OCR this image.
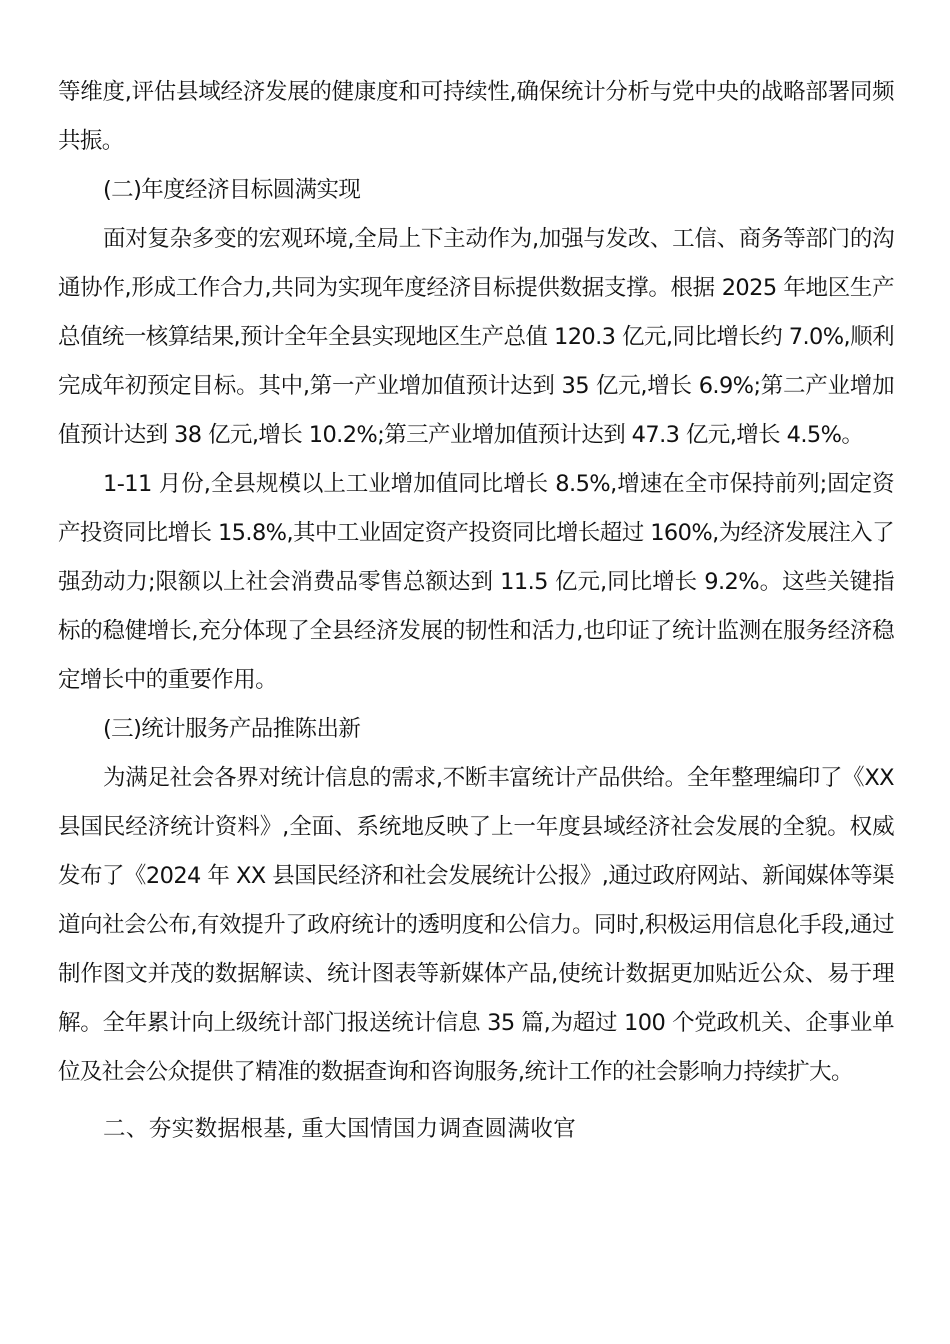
等维度,评估县域经济发展的健康度和可持续性,确保统计分析与党中央的战略部署同频共振。

(二)年度经济目标圆满实现

面对复杂多变的宏观环境,全局上下主动作为,加强与发改、工信、商务等部门的沟通协作,形成工作合力,共同为实现年度经济目标提供数据支撑。根据 2025 年地区生产总值统一核算结果,预计全年全县实现地区生产总值 120.3 亿元,同比增长约 7.0%,顺利完成年初预定目标。其中,第一产业增加值预计达到 35 亿元,增长 6.9%;第二产业增加值预计达到 38 亿元,增长 10.2%;第三产业增加值预计达到 47.3 亿元,增长 4.5%。

1-11 月份,全县规模以上工业增加值同比增长 8.5%,增速在全市保持前列;固定资产投资同比增长 15.8%,其中工业固定资产投资同比增长超过 160%,为经济发展注入了强劲动力;限额以上社会消费品零售总额达到 11.5 亿元,同比增长 9.2%。这些关键指标的稳健增长,充分体现了全县经济发展的韧性和活力,也印证了统计监测在服务经济稳定增长中的重要作用。

(三)统计服务产品推陈出新

为满足社会各界对统计信息的需求,不断丰富统计产品供给。全年整理编印了《XX 县国民经济统计资料》,全面、系统地反映了上一年度县域经济社会发展的全貌。权威发布了《2024 年 XX 县国民经济和社会发展统计公报》,通过政府网站、新闻媒体等渠道向社会公布,有效提升了政府统计的透明度和公信力。同时,积极运用信息化手段,通过制作图文并茂的数据解读、统计图表等新媒体产品,使统计数据更加贴近公众、易于理解。全年累计向上级统计部门报送统计信息 35 篇,为超过 100 个党政机关、企事业单位及社会公众提供了精准的数据查询和咨询服务,统计工作的社会影响力持续扩大。

二、夯实数据根基, 重大国情国力调查圆满收官
